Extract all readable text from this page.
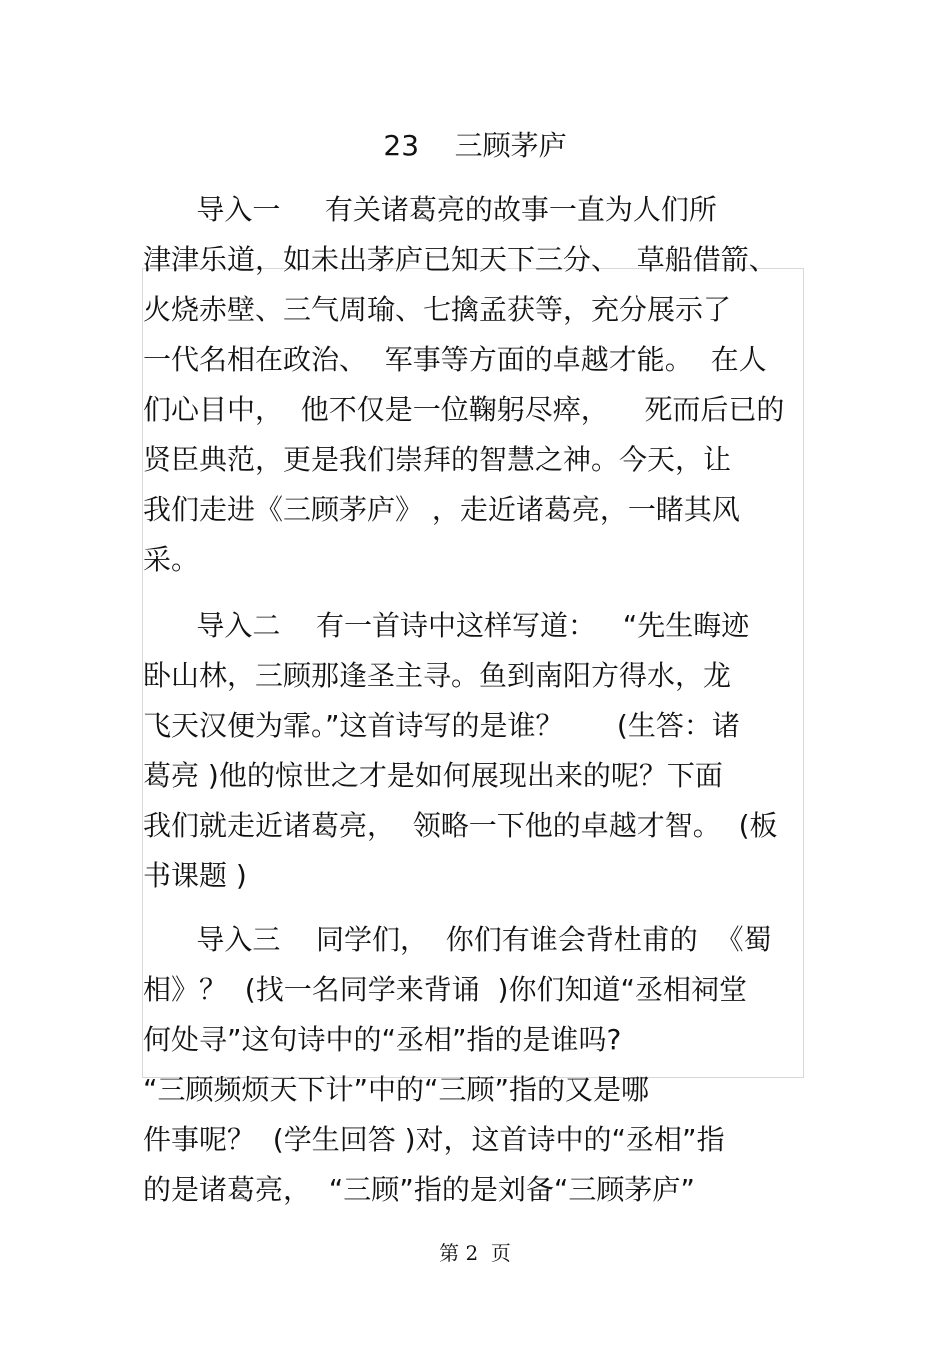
23    三顾茅庐
导入一     有关诸葛亮的故事一直为人们所
津津乐道，如未出茅庐已知天下三分、  草船借箭、
火烧赤壁、三气周瑜、七擒孟获等，充分展示了
一代名相在政治、  军事等方面的卓越才能。  在人
们心目中，  他不仅是一位鞠躬尽瘁，    死而后已的
贤臣典范，更是我们崇拜的智慧之神。今天，让
我们走进《三顾茅庐》 ，走近诸葛亮，一睹其风
采。
导入二    有一首诗中这样写道：   “先生晦迹
卧山林，三顾那逢圣主寻。鱼到南阳方得水，龙
飞天汉便为霏。”这首诗写的是谁？      (生答：诸
葛亮 )他的惊世之才是如何展现出来的呢？下面
我们就走近诸葛亮，  领略一下他的卓越才智。  (板
书课题 )
导入三    同学们，  你们有谁会背杜甫的  《蜀
相》？  (找一名同学来背诵  )你们知道“丞相祠堂
何处寻”这句诗中的“丞相”指的是谁吗?
“三顾频烦天下计”中的“三顾”指的又是哪
件事呢？  (学生回答 )对，这首诗中的“丞相”指
的是诸葛亮，  “三顾”指的是刘备“三顾茅庐”
第 2  页
